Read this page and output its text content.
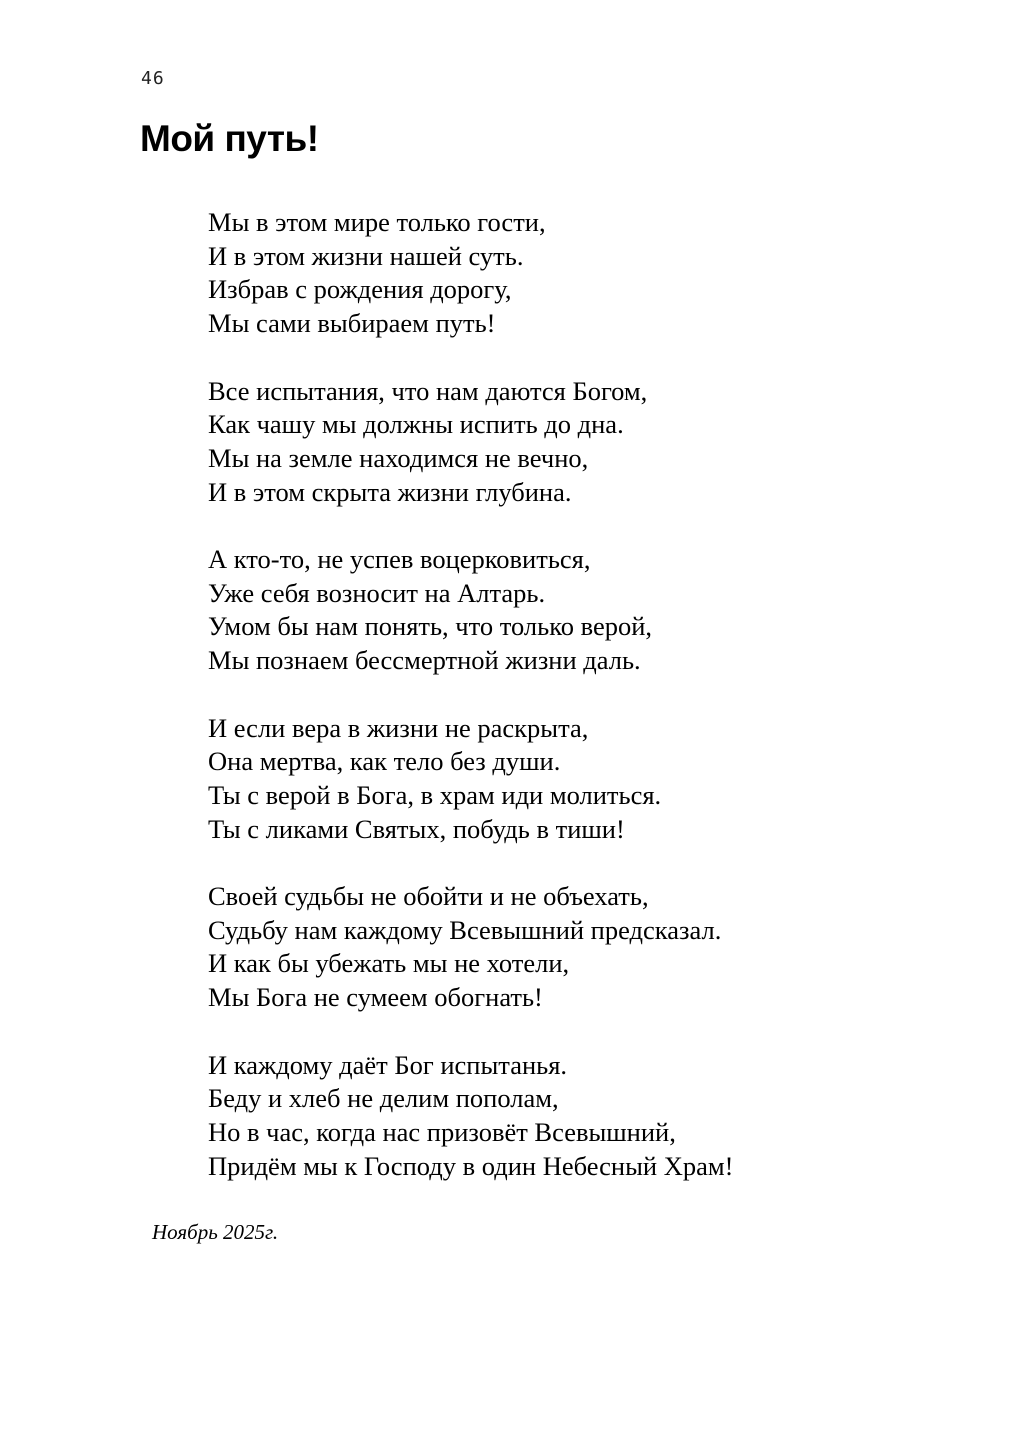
46
Мой путь!
Мы в этом мире только гости,
И в этом жизни нашей суть.
Избрав с рождения дорогу,
Мы сами выбираем путь!
Все испытания, что нам даются Богом,
Как чашу мы должны испить до дна.
Мы на земле находимся не вечно,
И в этом скрыта жизни глубина.
А кто-то, не успев воцерковиться,
Уже себя возносит на Алтарь.
Умом бы нам понять, что только верой,
Мы познаем бессмертной жизни даль.
И если вера в жизни не раскрыта,
Она мертва, как тело без души.
Ты с верой в Бога, в храм иди молиться.
Ты с ликами Святых, побудь в тиши!
Своей судьбы не обойти и не объехать,
Судьбу нам каждому Всевышний предсказал.
И как бы убежать мы не хотели,
Мы Бога не сумеем обогнать!
И каждому даёт Бог испытанья.
Беду и хлеб не делим пополам,
Но в час, когда нас призовёт Всевышний,
Придём мы к Господу в один Небесный Храм!
Ноябрь 2025г.
